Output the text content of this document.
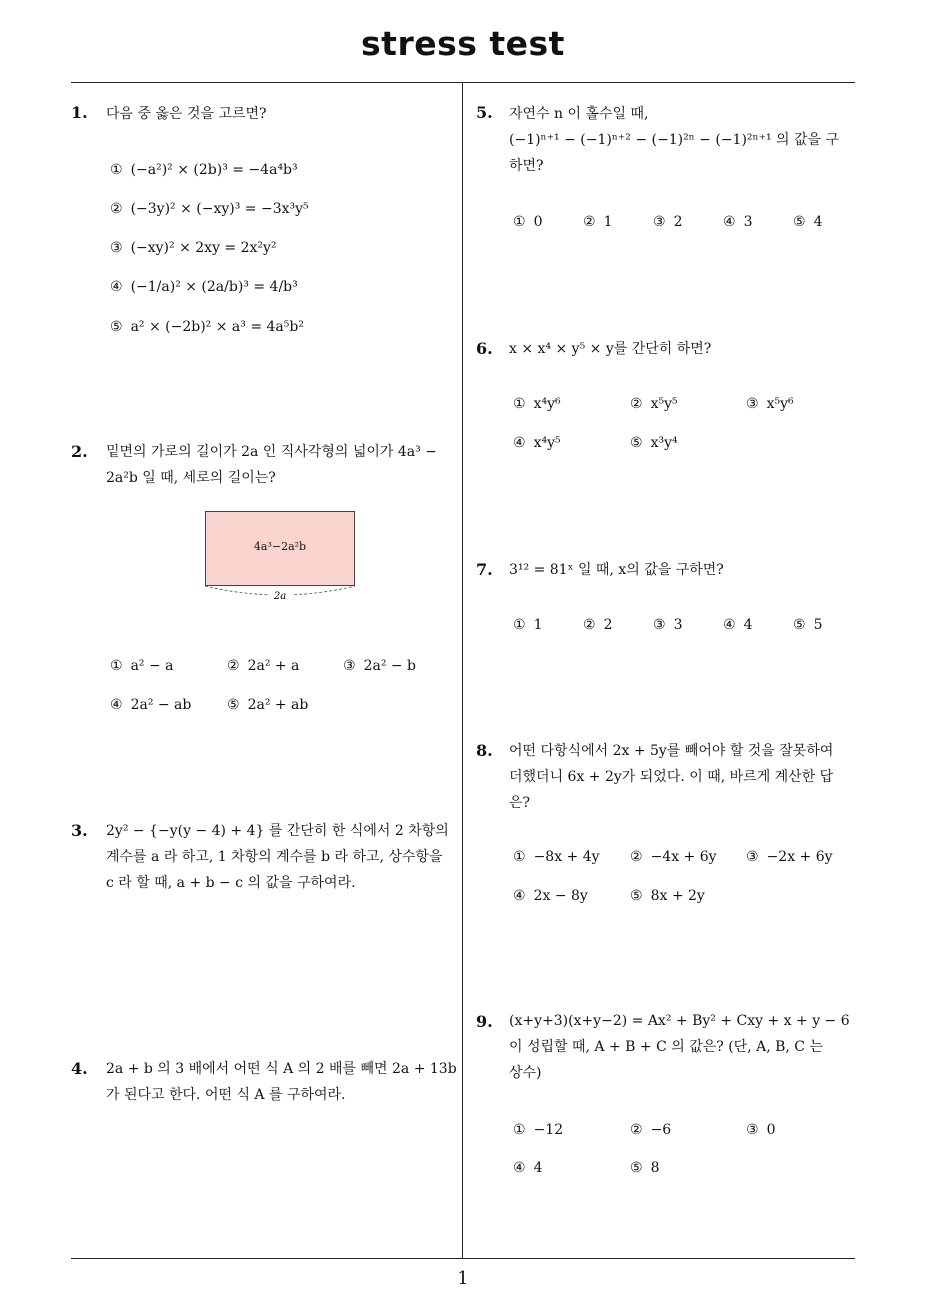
stress test
1
1. 다음 중 옳은 것을 고르면?
① (−a²)² × (2b)³ = −4a⁴b³
② (−3y)² × (−xy)³ = −3x³y⁵
③ (−xy)² × 2xy = 2x²y²
④ (−1/a)² × (2a/b)³ = 4/b³
⑤ a² × (−2b)² × a³ = 4a⁵b²
2. 밑면의 가로의 길이가 2a 인 직사각형의 넓이가 4a³ −
2a²b 일 때, 세로의 길이는?
4a³−2a²b
2a
① a² − a	② 2a² + a	③ 2a² − b
④ 2a² − ab	⑤ 2a² + ab
3. 2y² − {−y(y − 4) + 4} 를 간단히 한 식에서 2 차항의
계수를 a 라 하고, 1 차항의 계수를 b 라 하고, 상수항을
c 라 할 때, a + b − c 의 값을 구하여라.
4. 2a + b 의 3 배에서 어떤 식 A 의 2 배를 빼면 2a + 13b
가 된다고 한다. 어떤 식 A 를 구하여라.
5. 자연수 n 이 홀수일 때,
(−1)ⁿ⁺¹ − (−1)ⁿ⁺² − (−1)²ⁿ − (−1)²ⁿ⁺¹ 의 값을 구
하면?
① 0	② 1	③ 2	④ 3	⑤ 4
6. x × x⁴ × y⁵ × y를 간단히 하면?
① x⁴y⁶	② x⁵y⁵	③ x⁵y⁶
④ x⁴y⁵	⑤ x³y⁴
7. 3¹² = 81ˣ 일 때, x의 값을 구하면?
① 1	② 2	③ 3	④ 4	⑤ 5
8. 어떤 다항식에서 2x + 5y를 빼어야 할 것을 잘못하여
더했더니 6x + 2y가 되었다. 이 때, 바르게 계산한 답
은?
① −8x + 4y ② −4x + 6y ③ −2x + 6y
④ 2x − 8y	⑤ 8x + 2y
9. (x+y+3)(x+y−2) = Ax² + By² + Cxy + x + y − 6
이 성립할 때, A + B + C 의 값은? (단, A, B, C 는
상수)
① −12	② −6	③ 0
④ 4	⑤ 8
